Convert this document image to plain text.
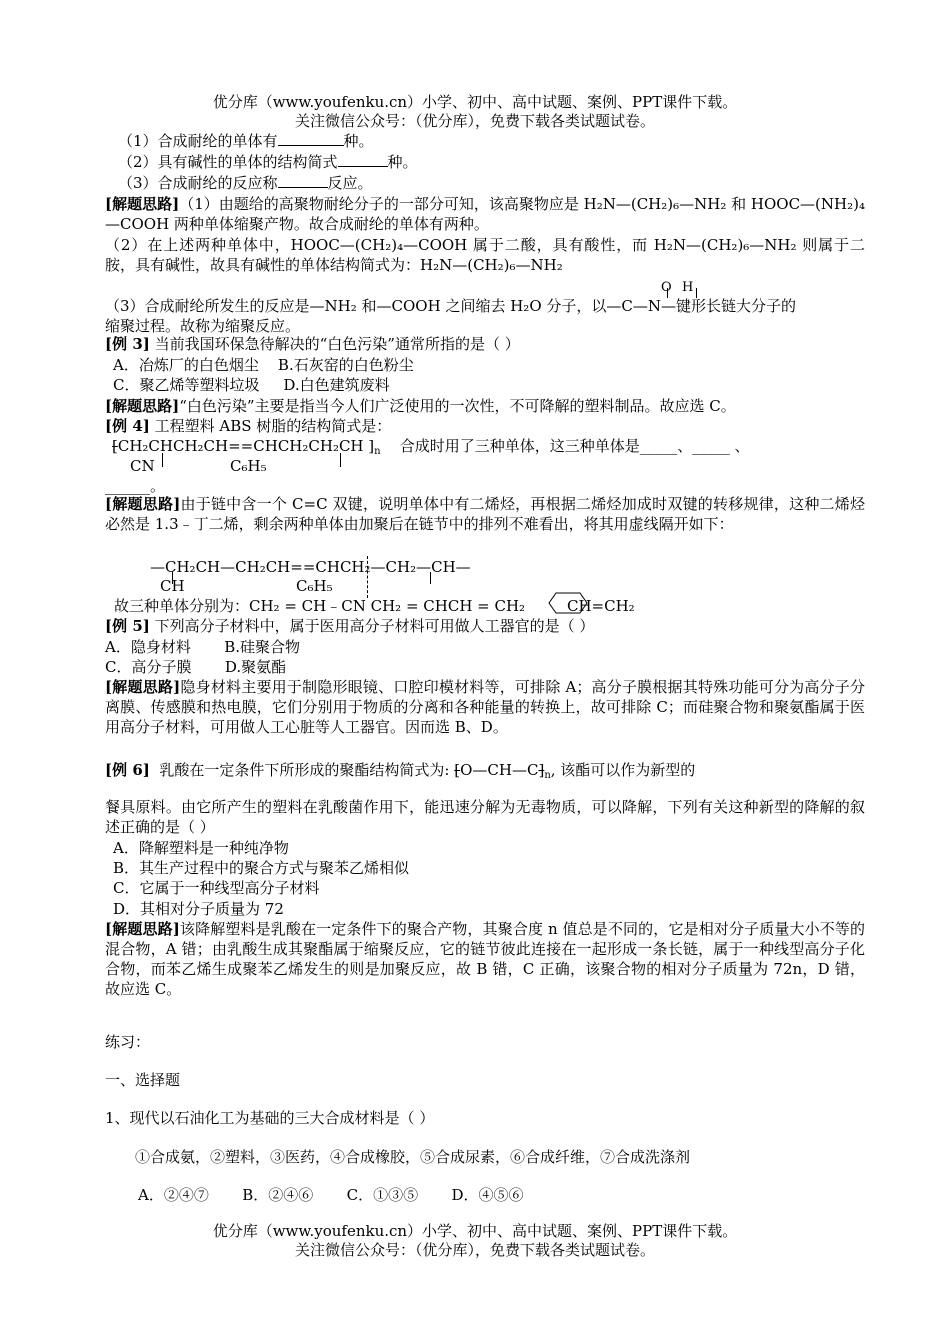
优分库（www.youfenku.cn）小学、初中、高中试题、案例、PPT课件下载。
关注微信公众号：（优分库），免费下载各类试题试卷。
（1）合成耐纶的单体有	种。
（2）具有碱性的单体的结构简式	种。
（3）合成耐纶的反应称	反应。
[解题思路]（1）由题给的高聚物耐纶分子的一部分可知，该高聚物应是 H₂N—(CH₂)₆—NH₂ 和 HOOC—(NH₂)₄—COOH 两种单体缩聚产物。故合成耐纶的单体有两种。
（2）在上述两种单体中，HOOC—(CH₂)₄—COOH 属于二酸，具有酸性，而 H₂N—(CH₂)₆—NH₂ 则属于二胺，具有碱性，故具有碱性的单体结构简式为：H₂N—(CH₂)₆—NH₂
O H
（3）合成耐纶所发生的反应是—NH₂ 和—COOH 之间缩去 H₂O 分子，以—C—N—键形长链大分子的
缩聚过程。故称为缩聚反应。
[例 3] 当前我国环保急待解决的“白色污染”通常所指的是（ ）
A．冶炼厂的白色烟尘 B.石灰窑的白色粉尘
C．聚乙烯等塑料垃圾 D.白色建筑废料
[解题思路]“白色污染”主要是指当今人们广泛使用的一次性，不可降解的塑料制品。故应选 C。
[例 4] 工程塑料 ABS 树脂的结构简式是：
[CH₂CHCH₂CH==CHCH₂CH₂CH ]$_n$ 合成时用了三种单体，这三种单体是_____、_____ 、
CN	C₆H₅
______。
[解题思路]由于链中含一个 C=C 双键，说明单体中有二烯烃，再根据二烯烃加成时双键的转移规律，这种二烯烃必然是 1.3﹣丁二烯，剩余两种单体由加聚后在链节中的排列不难看出，将其用虚线隔开如下：
—CH₂CH—CH₂CH==CHCH₂—CH₂—CH—
CH	C₆H₅
故三种单体分别为：CH₂ = CH﹣CN CH₂ = CHCH = CH₂	CH=CH₂
[例 5] 下列高分子材料中，属于医用高分子材料可用做人工器官的是（ ）
A．隐身材料 B.硅聚合物
C．高分子膜 D.聚氨酯
[解题思路]隐身材料主要用于制隐形眼镜、口腔印模材料等，可排除 A；高分子膜根据其特殊功能可分为高分子分离膜、传感膜和热电膜，它们分别用于物质的分离和各种能量的转换上，故可排除 C；而硅聚合物和聚氨酯属于医用高分子材料，可用做人工心脏等人工器官。因而选 B、D。
[例 6] 乳酸在一定条件下所形成的聚酯结构简式为: $[O—CH—C]_n$, 该酯可以作为新型的
餐具原料。由它所产生的塑料在乳酸菌作用下，能迅速分解为无毒物质，可以降解，下列有关这种新型的降解的叙述正确的是（ ）
A．降解塑料是一种纯净物
B．其生产过程中的聚合方式与聚苯乙烯相似
C．它属于一种线型高分子材料
D．其相对分子质量为 72
[解题思路]该降解塑料是乳酸在一定条件下的聚合产物，其聚合度 n 值总是不同的，它是相对分子质量大小不等的混合物，A 错；由乳酸生成其聚酯属于缩聚反应，它的链节彼此连接在一起形成一条长链，属于一种线型高分子化合物，而苯乙烯生成聚苯乙烯发生的则是加聚反应，故 B 错，C 正确，该聚合物的相对分子质量为 72n，D 错，故应选 C。
练习：
一、选择题
1、现代以石油化工为基础的三大合成材料是（ ）
①合成氨，②塑料，③医药，④合成橡胶，⑤合成尿素，⑥合成纤维，⑦合成洗涤剂
A．②④⑦ B．②④⑥ C．①③⑤ D．④⑤⑥
优分库（www.youfenku.cn）小学、初中、高中试题、案例、PPT课件下载。
关注微信公众号：（优分库），免费下载各类试题试卷。
